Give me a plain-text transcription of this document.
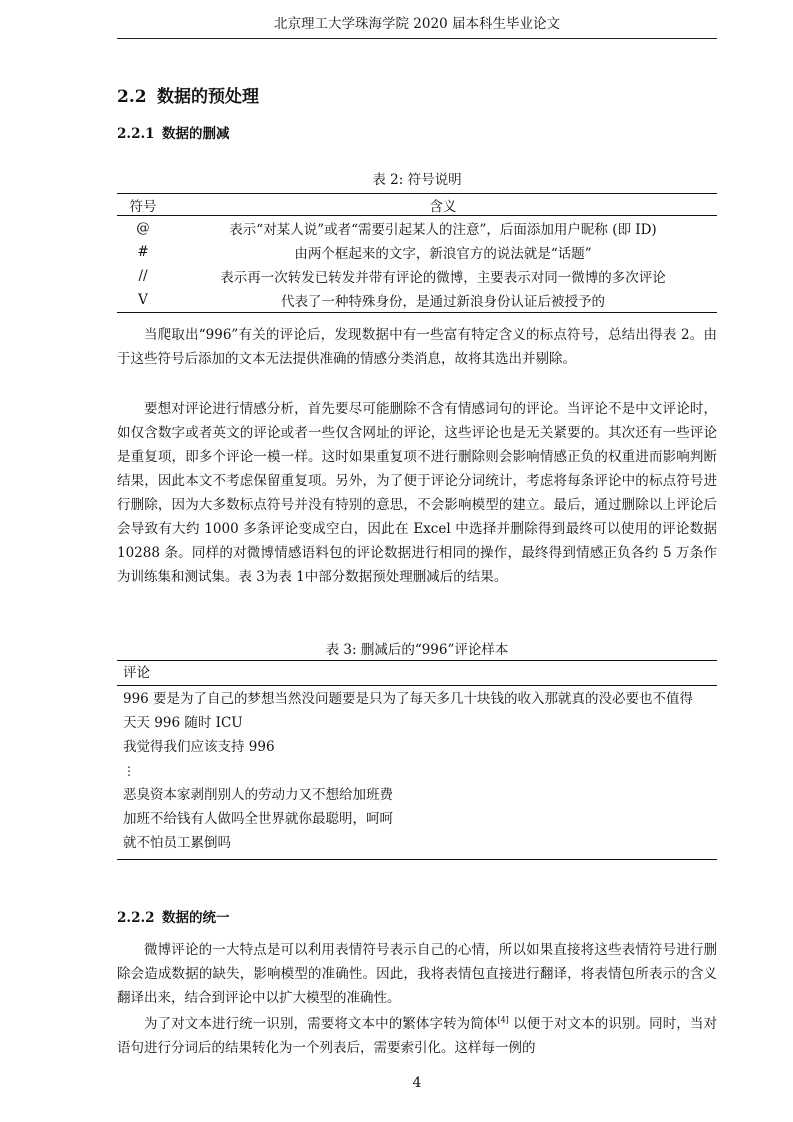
北京理工大学珠海学院 2020 届本科生毕业论文
2.2 数据的预处理
2.2.1 数据的删减
表 2: 符号说明
符号	含义
@	表示“对某人说”或者“需要引起某人的注意”，后面添加用户昵称 (即 ID)
#	由两个框起来的文字，新浪官方的说法就是“话题”
//	表示再一次转发已转发并带有评论的微博，主要表示对同一微博的多次评论
V	代表了一种特殊身份，是通过新浪身份认证后被授予的

当爬取出“996”有关的评论后，发现数据中有一些富有特定含义的标点符号，总结出得表 2。由于这些符号后添加的文本无法提供准确的情感分类消息，故将其选出并剔除。

要想对评论进行情感分析，首先要尽可能删除不含有情感词句的评论。当评论不是中文评论时，如仅含数字或者英文的评论或者一些仅含网址的评论，这些评论也是无关紧要的。其次还有一些评论是重复项，即多个评论一模一样。这时如果重复项不进行删除则会影响情感正负的权重进而影响判断结果，因此本文不考虑保留重复项。另外，为了便于评论分词统计，考虑将每条评论中的标点符号进行删除，因为大多数标点符号并没有特别的意思，不会影响模型的建立。最后，通过删除以上评论后会导致有大约 1000 多条评论变成空白，因此在 Excel 中选择并删除得到最终可以使用的评论数据 10288 条。同样的对微博情感语料包的评论数据进行相同的操作，最终得到情感正负各约 5 万条作为训练集和测试集。表 3为表 1中部分数据预处理删减后的结果。

表 3: 删减后的“996”评论样本
评论
996 要是为了自己的梦想当然没问题要是只为了每天多几十块钱的收入那就真的没必要也不值得
天天 996 随时 ICU
我觉得我们应该支持 996
⋮
恶臭资本家剥削别人的劳动力又不想给加班费
加班不给钱有人做吗全世界就你最聪明，呵呵
就不怕员工累倒吗
2.2.2 数据的统一

微博评论的一大特点是可以利用表情符号表示自己的心情，所以如果直接将这些表情符号进行删除会造成数据的缺失，影响模型的准确性。因此，我将表情包直接进行翻译，将表情包所表示的含义翻译出来，结合到评论中以扩大模型的准确性。

为了对文本进行统一识别，需要将文本中的繁体字转为简体[4] 以便于对文本的识别。同时，当对语句进行分词后的结果转化为一个列表后，需要索引化。这样每一例的

4
